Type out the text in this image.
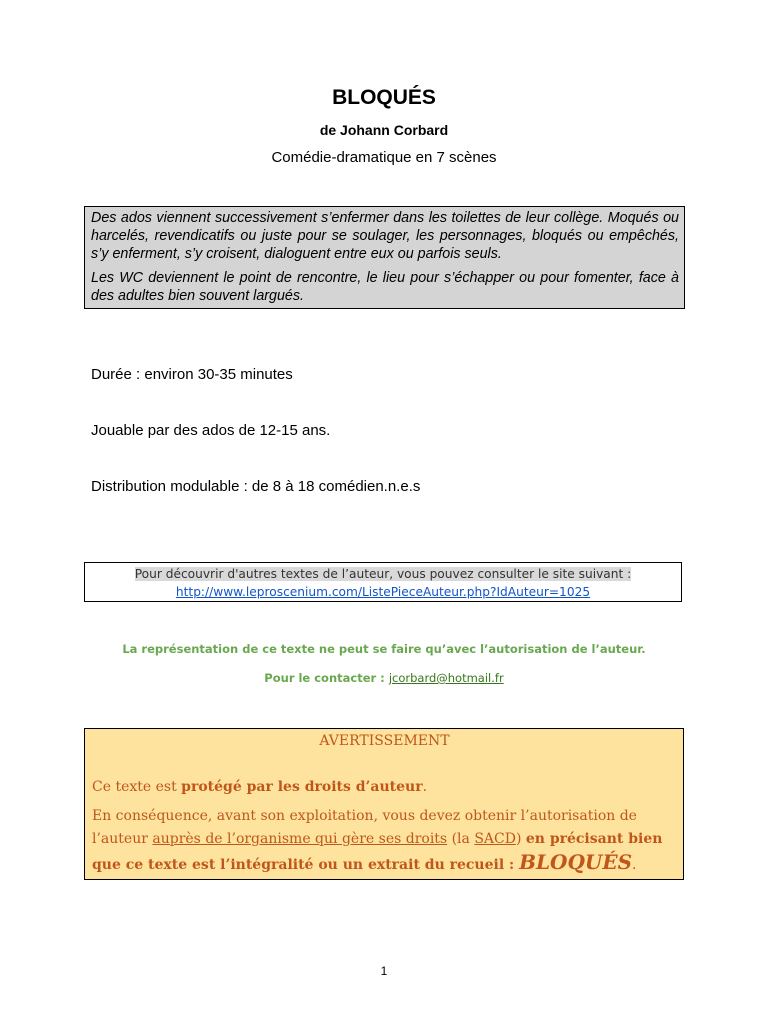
BLOQUÉS
de Johann Corbard
Comédie-dramatique en 7 scènes

Des ados viennent successivement s’enfermer dans les toilettes de leur collège. Moqués ou harcelés, revendicatifs ou juste pour se soulager, les personnages, bloqués ou empêchés, s’y enferment, s’y croisent, dialoguent entre eux ou parfois seuls.

Les WC deviennent le point de rencontre, le lieu pour s’échapper ou pour fomenter, face à des adultes bien souvent largués.

Durée : environ 30-35 minutes
Jouable par des ados de 12-15 ans.
Distribution modulable : de 8 à 18 comédien.n.e.s
Pour découvrir d'autres textes de l’auteur, vous pouvez consulter le site suivant :
http://www.leproscenium.com/ListePieceAuteur.php?IdAuteur=1025
La représentation de ce texte ne peut se faire qu’avec l’autorisation de l’auteur.
Pour le contacter : jcorbard@hotmail.fr
AVERTISSEMENT
Ce texte est protégé par les droits d’auteur.
En conséquence, avant son exploitation, vous devez obtenir l’autorisation de l’auteur auprès de l’organisme qui gère ses droits (la SACD) en précisant bien que ce texte est l’intégralité ou un extrait du recueil : BLOQUÉS.
1
